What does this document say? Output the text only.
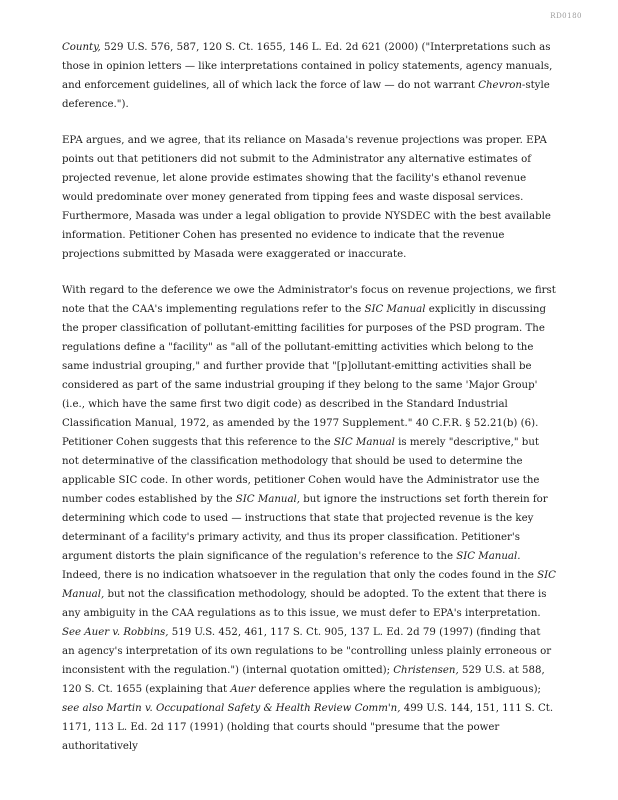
RD0180

County, 529 U.S. 576, 587, 120 S. Ct. 1655, 146 L. Ed. 2d 621 (2000) ("Interpretations such as those in opinion letters — like interpretations contained in policy statements, agency manuals, and enforcement guidelines, all of which lack the force of law — do not warrant Chevron-style deference.").

EPA argues, and we agree, that its reliance on Masada's revenue projections was proper. EPA points out that petitioners did not submit to the Administrator any alternative estimates of projected revenue, let alone provide estimates showing that the facility's ethanol revenue would predominate over money generated from tipping fees and waste disposal services. Furthermore, Masada was under a legal obligation to provide NYSDEC with the best available information. Petitioner Cohen has presented no evidence to indicate that the revenue projections submitted by Masada were exaggerated or inaccurate.

With regard to the deference we owe the Administrator's focus on revenue projections, we first note that the CAA's implementing regulations refer to the SIC Manual explicitly in discussing the proper classification of pollutant-emitting facilities for purposes of the PSD program. The regulations define a "facility" as "all of the pollutant-emitting activities which belong to the same industrial grouping," and further provide that "[p]ollutant-emitting activities shall be considered as part of the same industrial grouping if they belong to the same 'Major Group' (i.e., which have the same first two digit code) as described in the Standard Industrial Classification Manual, 1972, as amended by the 1977 Supplement." 40 C.F.R. § 52.21(b) (6). Petitioner Cohen suggests that this reference to the SIC Manual is merely "descriptive," but not determinative of the classification methodology that should be used to determine the applicable SIC code. In other words, petitioner Cohen would have the Administrator use the number codes established by the SIC Manual, but ignore the instructions set forth therein for determining which code to used — instructions that state that projected revenue is the key determinant of a facility's primary activity, and thus its proper classification. Petitioner's argument distorts the plain significance of the regulation's reference to the SIC Manual. Indeed, there is no indication whatsoever in the regulation that only the codes found in the SIC Manual, but not the classification methodology, should be adopted. To the extent that there is any ambiguity in the CAA regulations as to this issue, we must defer to EPA's interpretation. See Auer v. Robbins, 519 U.S. 452, 461, 117 S. Ct. 905, 137 L. Ed. 2d 79 (1997) (finding that an agency's interpretation of its own regulations to be "controlling unless plainly erroneous or inconsistent with the regulation.") (internal quotation omitted); Christensen, 529 U.S. at 588, 120 S. Ct. 1655 (explaining that Auer deference applies where the regulation is ambiguous); see also Martin v. Occupational Safety & Health Review Comm'n, 499 U.S. 144, 151, 111 S. Ct. 1171, 113 L. Ed. 2d 117 (1991) (holding that courts should "presume that the power authoritatively
